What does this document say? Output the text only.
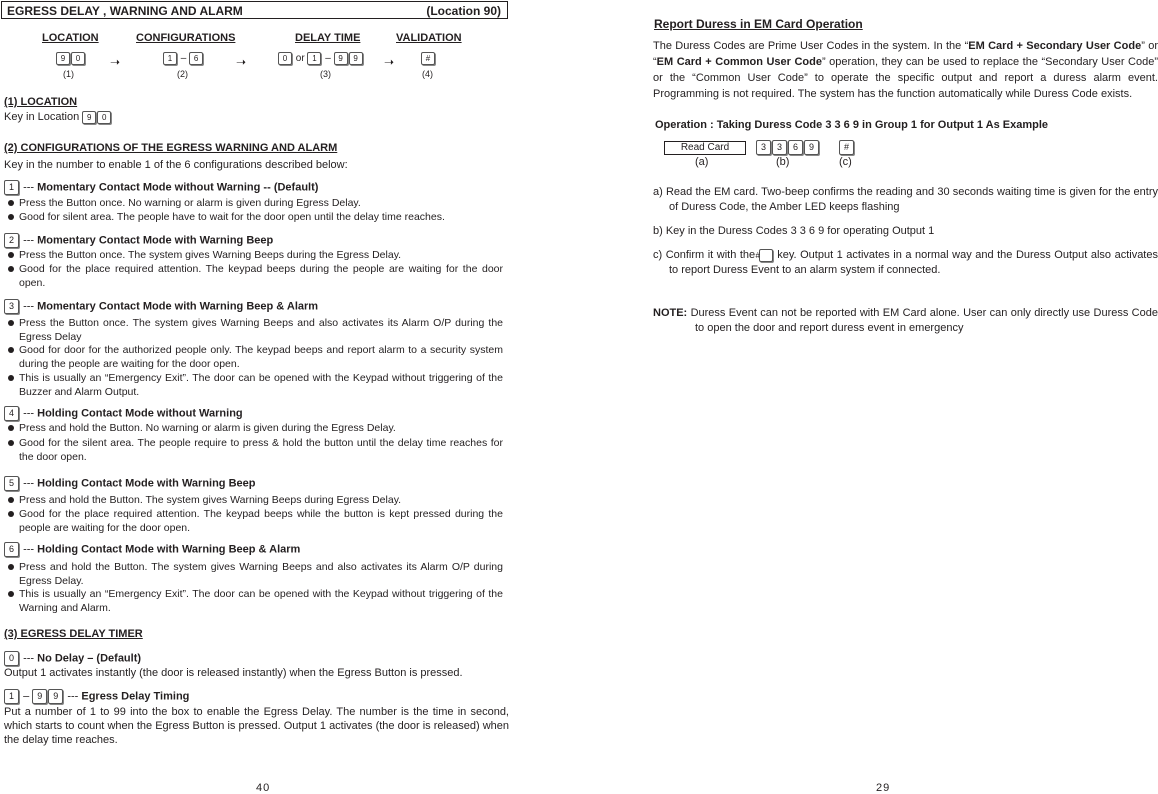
EGRESS DELAY , WARNING AND ALARM	(Location 90)
LOCATION	CONFIGURATIONS	DELAY TIME	VALIDATION
9 0	1 – 6	0 or 1 – 9 9	#
➝	➝	➝
(1)	(2)	(3)	(4)
(1) LOCATION
Key in Location 9 0
(2) CONFIGURATIONS OF THE EGRESS WARNING AND ALARM
Key in the number to enable 1 of the 6 configurations described below:
1 --- Momentary Contact Mode without Warning -- (Default)
Press the Button once. No warning or alarm is given during Egress Delay.
Good for silent area. The people have to wait for the door open until the delay time reaches.
2 --- Momentary Contact Mode with Warning Beep
Press the Button once. The system gives Warning Beeps during the Egress Delay.
Good for the place required attention. The keypad beeps during the people are waiting for the door open.
3 --- Momentary Contact Mode with Warning Beep & Alarm
Press the Button once. The system gives Warning Beeps and also activates its Alarm O/P during the Egress Delay
Good for door for the authorized people only. The keypad beeps and report alarm to a security system during the people are waiting for the door open.
This is usually an “Emergency Exit”. The door can be opened with the Keypad without triggering of the Buzzer and Alarm Output.
4 --- Holding Contact Mode without Warning
Press and hold the Button. No warning or alarm is given during the Egress Delay.
Good for the silent area. The people require to press & hold the button until the delay time reaches for the door open.
5 --- Holding Contact Mode with Warning Beep
Press and hold the Button. The system gives Warning Beeps during Egress Delay.
Good for the place required attention. The keypad beeps while the button is kept pressed during the people are waiting for the door open.
6 --- Holding Contact Mode with Warning Beep & Alarm
Press and hold the Button. The system gives Warning Beeps and also activates its Alarm O/P during Egress Delay.
This is usually an “Emergency Exit”. The door can be opened with the Keypad without triggering of the Warning and Alarm.
(3) EGRESS DELAY TIMER
0 --- No Delay – (Default)
Output 1 activates instantly (the door is released instantly) when the Egress Button is pressed.
1 – 9 9 --- Egress Delay Timing
Put a number of 1 to 99 into the box to enable the Egress Delay. The number is the time in second, which starts to count when the Egress Button is pressed. Output 1 activates (the door is released) when the delay time reaches.
40
Report Duress in EM Card Operation
The Duress Codes are Prime User Codes in the system. In the “EM Card + Secondary User Code” or “EM Card + Common User Code” operation, they can be used to replace the “Secondary User Code” or the “Common User Code” to operate the specific output and report a duress alarm event. Programming is not required. The system has the function automatically while Duress Code exists.
Operation : Taking Duress Code 3 3 6 9 in Group 1 for Output 1 As Example
Read Card	3 3 6 9	#
(a)	(b)	(c)
a) Read the EM card. Two-beep confirms the reading and 30 seconds waiting time is given for the entry of Duress Code, the Amber LED keeps flashing
b) Key in the Duress Codes 3 3 6 9 for operating Output 1
c) Confirm it with the # key. Output 1 activates in a normal way and the Duress Output also activates to report Duress Event to an alarm system if connected.
NOTE: Duress Event can not be reported with EM Card alone. User can only directly use Duress Code to open the door and report duress event in emergency
29
